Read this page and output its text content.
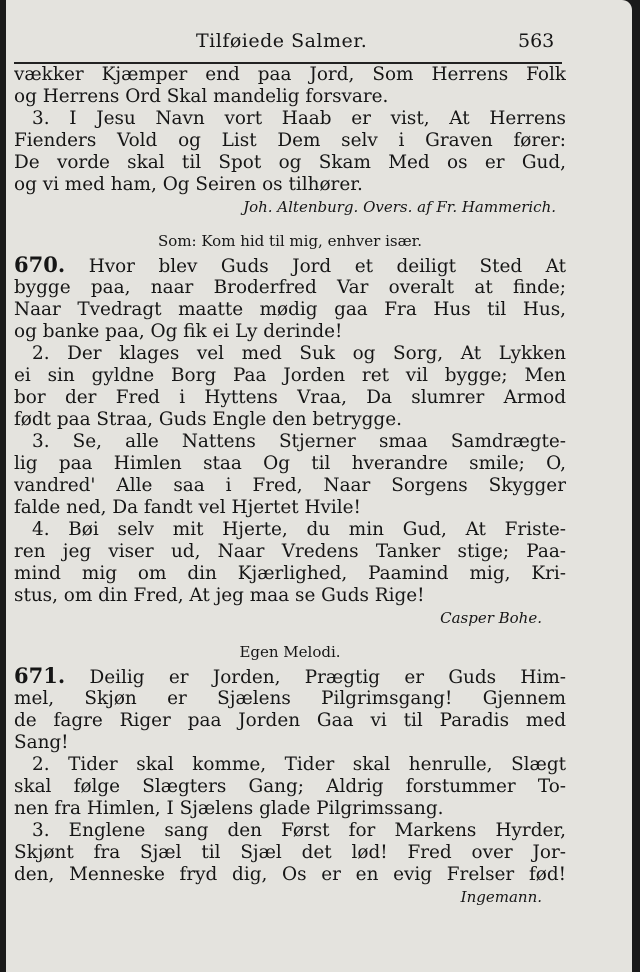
Tilføiede Salmer.	563
vækker Kjæmper end paa Jord, Som Herrens Folk
og Herrens Ord Skal mandelig forsvare.
3. I Jesu Navn vort Haab er vist, At Herrens
Fienders Vold og List Dem selv i Graven fører:
De vorde skal til Spot og Skam Med os er Gud,
og vi med ham, Og Seiren os tilhører.
Joh. Altenburg. Overs. af Fr. Hammerich.
Som: Kom hid til mig, enhver især.
670. Hvor blev Guds Jord et deiligt Sted At
bygge paa, naar Broderfred Var overalt at finde;
Naar Tvedragt maatte mødig gaa Fra Hus til Hus,
og banke paa, Og fik ei Ly derinde!
2. Der klages vel med Suk og Sorg, At Lykken
ei sin gyldne Borg Paa Jorden ret vil bygge; Men
bor der Fred i Hyttens Vraa, Da slumrer Armod
født paa Straa, Guds Engle den betrygge.
3. Se, alle Nattens Stjerner smaa Samdrægte-
lig paa Himlen staa Og til hverandre smile; O,
vandred' Alle saa i Fred, Naar Sorgens Skygger
falde ned, Da fandt vel Hjertet Hvile!
4. Bøi selv mit Hjerte, du min Gud, At Friste-
ren jeg viser ud, Naar Vredens Tanker stige; Paa-
mind mig om din Kjærlighed, Paamind mig, Kri-
stus, om din Fred, At jeg maa se Guds Rige!
Casper Bohe.
Egen Melodi.
671. Deilig er Jorden, Prægtig er Guds Him-
mel, Skjøn er Sjælens Pilgrimsgang! Gjennem
de fagre Riger paa Jorden Gaa vi til Paradis med
Sang!
2. Tider skal komme, Tider skal henrulle, Slægt
skal følge Slægters Gang; Aldrig forstummer To-
nen fra Himlen, I Sjælens glade Pilgrimssang.
3. Englene sang den Først for Markens Hyrder,
Skjønt fra Sjæl til Sjæl det lød! Fred over Jor-
den, Menneske fryd dig, Os er en evig Frelser fød!
Ingemann.
